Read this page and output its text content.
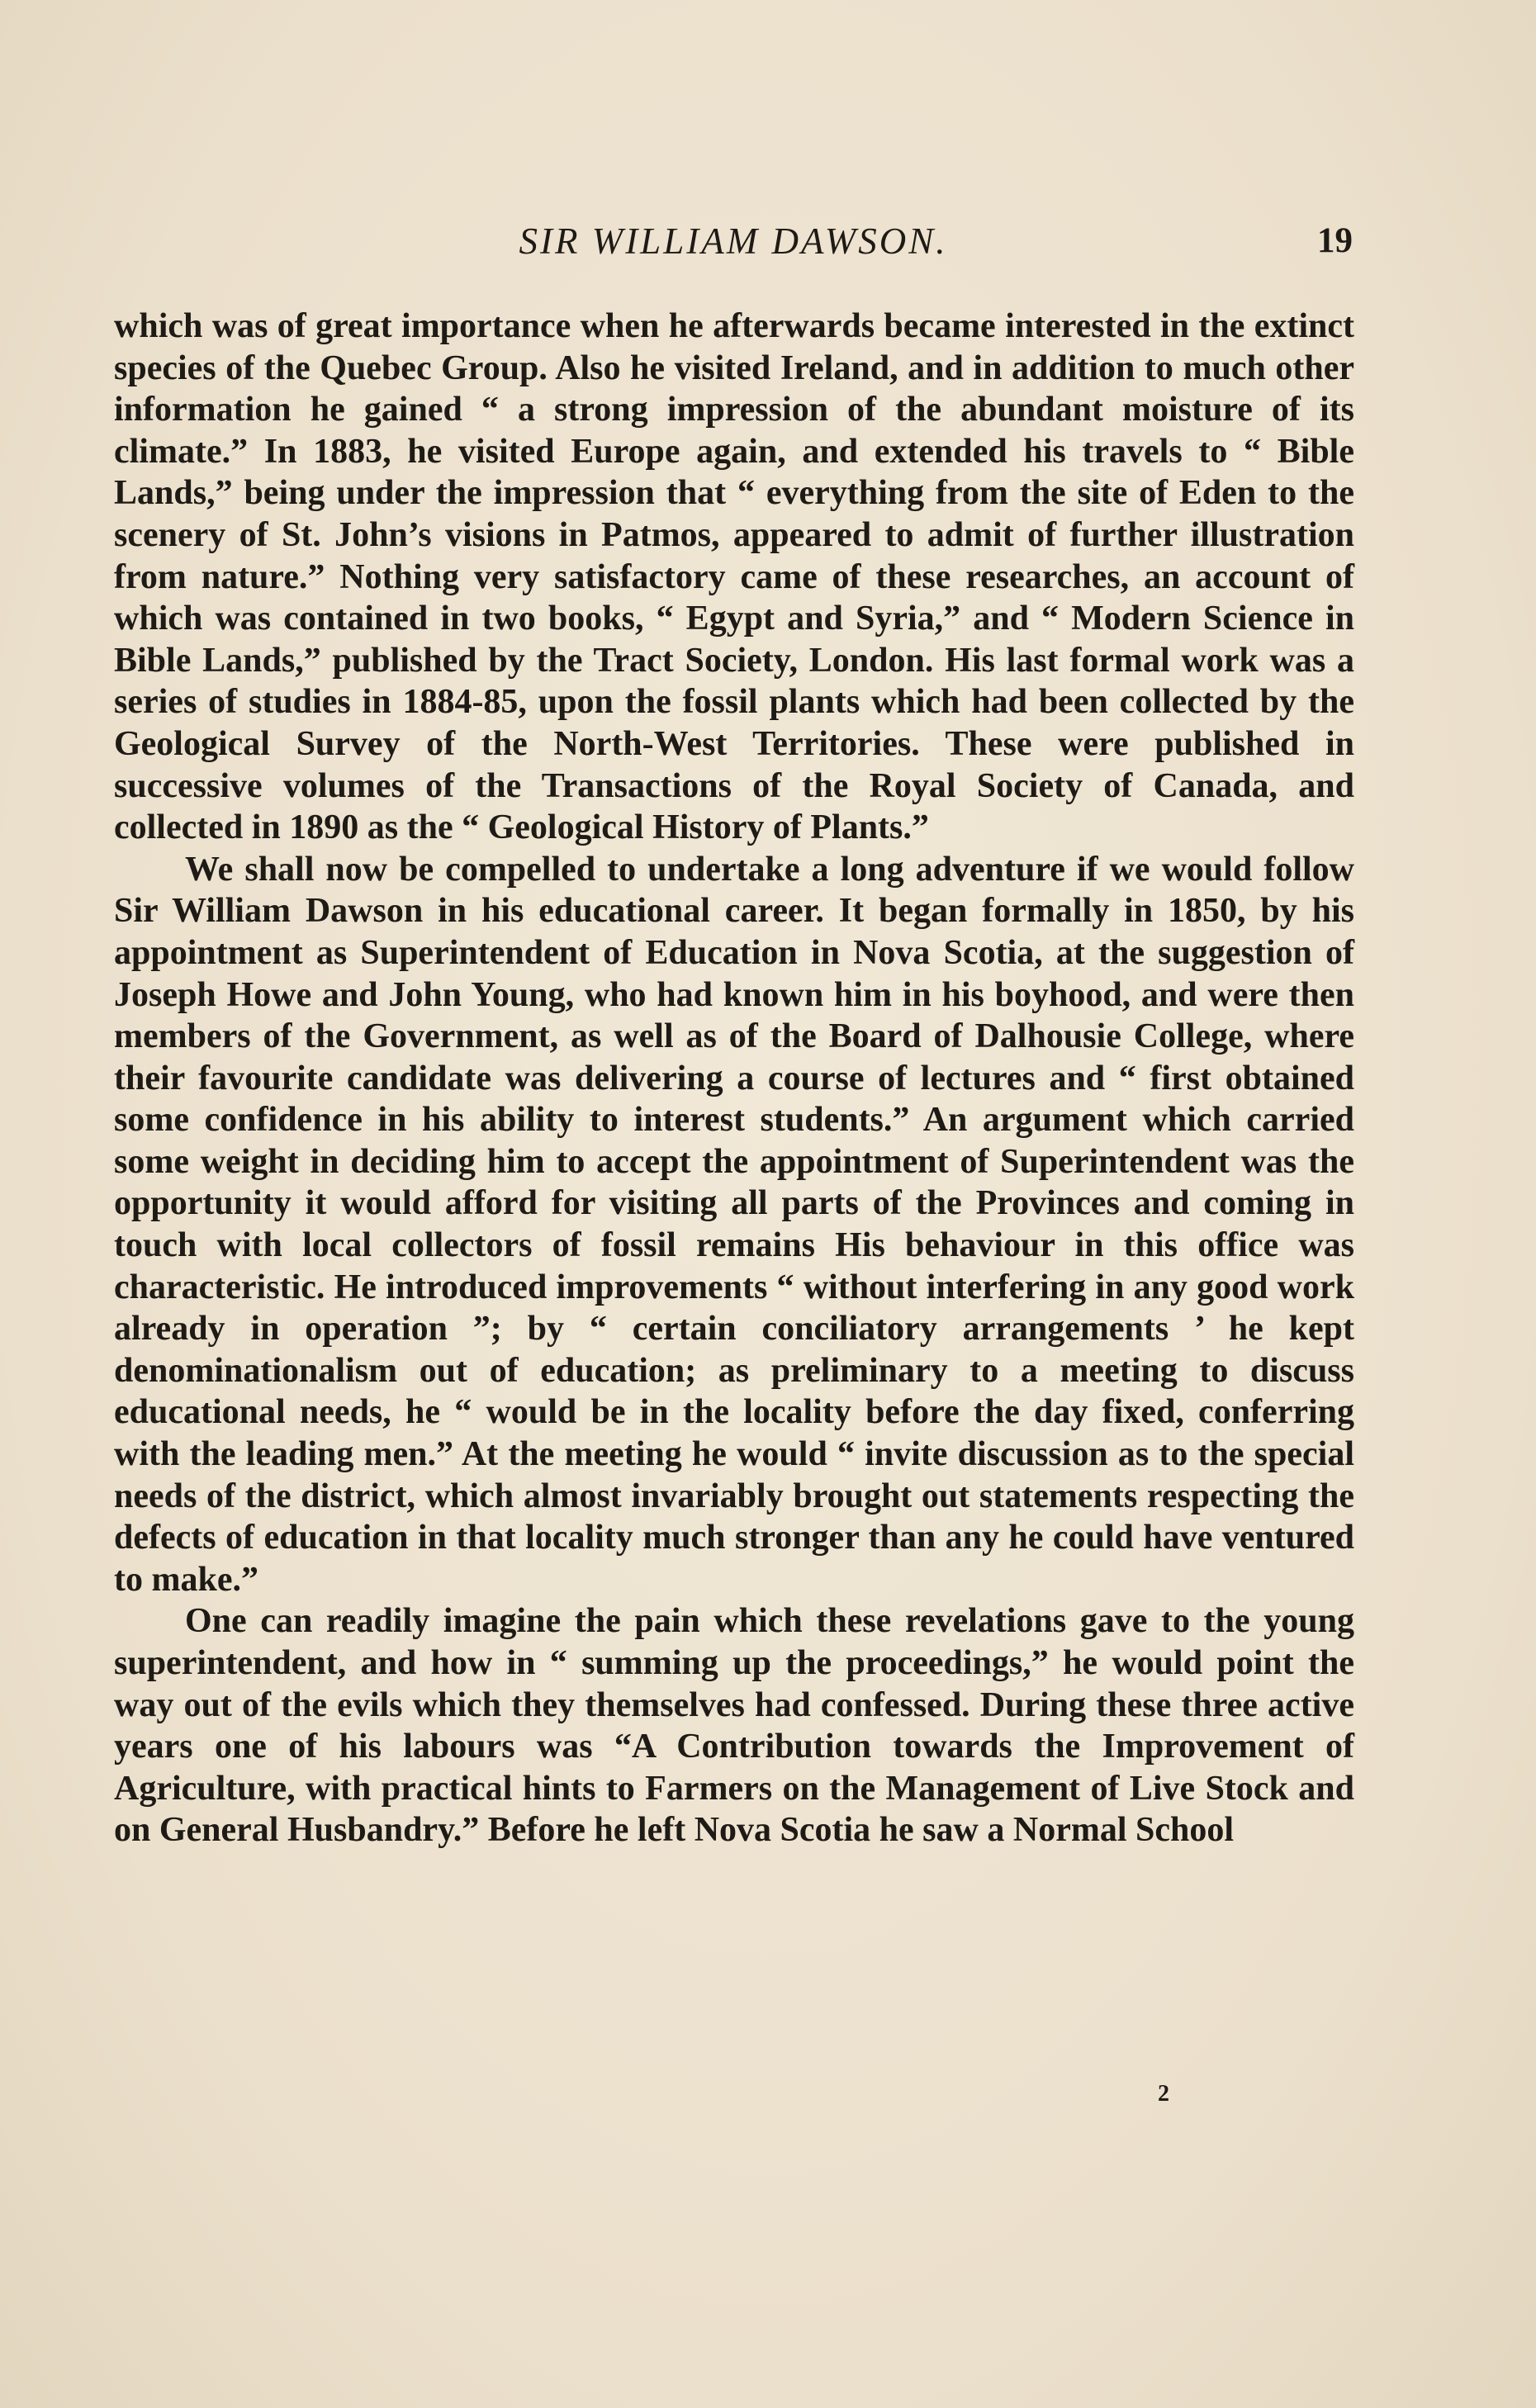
SIR WILLIAM DAWSON.	19

which was of great importance when he afterwards became interested in the extinct species of the Quebec Group. Also he visited Ireland, and in addition to much other information he gained “ a strong impression of the abundant moisture of its climate.” In 1883, he visited Europe again, and extended his travels to “ Bible Lands,” being under the impression that “ everything from the site of Eden to the scenery of St. John’s visions in Patmos, appeared to admit of further illustration from nature.” Nothing very satisfactory came of these researches, an account of which was contained in two books, “ Egypt and Syria,” and “ Modern Science in Bible Lands,” published by the Tract Society, London. His last formal work was a series of studies in 1884-85, upon the fossil plants which had been collected by the Geological Survey of the North-West Territories. These were published in successive volumes of the Transactions of the Royal Society of Canada, and collected in 1890 as the “ Geological History of Plants.”

We shall now be compelled to undertake a long adventure if we would follow Sir William Dawson in his educational career. It began formally in 1850, by his appointment as Superintendent of Education in Nova Scotia, at the suggestion of Joseph Howe and John Young, who had known him in his boyhood, and were then members of the Government, as well as of the Board of Dalhousie College, where their favourite candidate was delivering a course of lectures and “ first obtained some confidence in his ability to interest students.” An argument which carried some weight in deciding him to accept the appointment of Superintendent was the opportunity it would afford for visiting all parts of the Provinces and coming in touch with local collectors of fossil remains His behaviour in this office was characteristic. He introduced improvements “ without interfering in any good work already in operation ”; by “ certain conciliatory arrangements ’ he kept denominationalism out of education; as preliminary to a meeting to discuss educational needs, he “ would be in the locality before the day fixed, conferring with the leading men.” At the meeting he would “ invite discussion as to the special needs of the district, which almost invariably brought out statements respecting the defects of education in that locality much stronger than any he could have ventured to make.”

One can readily imagine the pain which these revelations gave to the young superintendent, and how in “ summing up the proceedings,” he would point the way out of the evils which they themselves had confessed. During these three active years one of his labours was “A Contribution towards the Improvement of Agriculture, with practical hints to Farmers on the Management of Live Stock and on General Husbandry.” Before he left Nova Scotia he saw a Normal School

2
